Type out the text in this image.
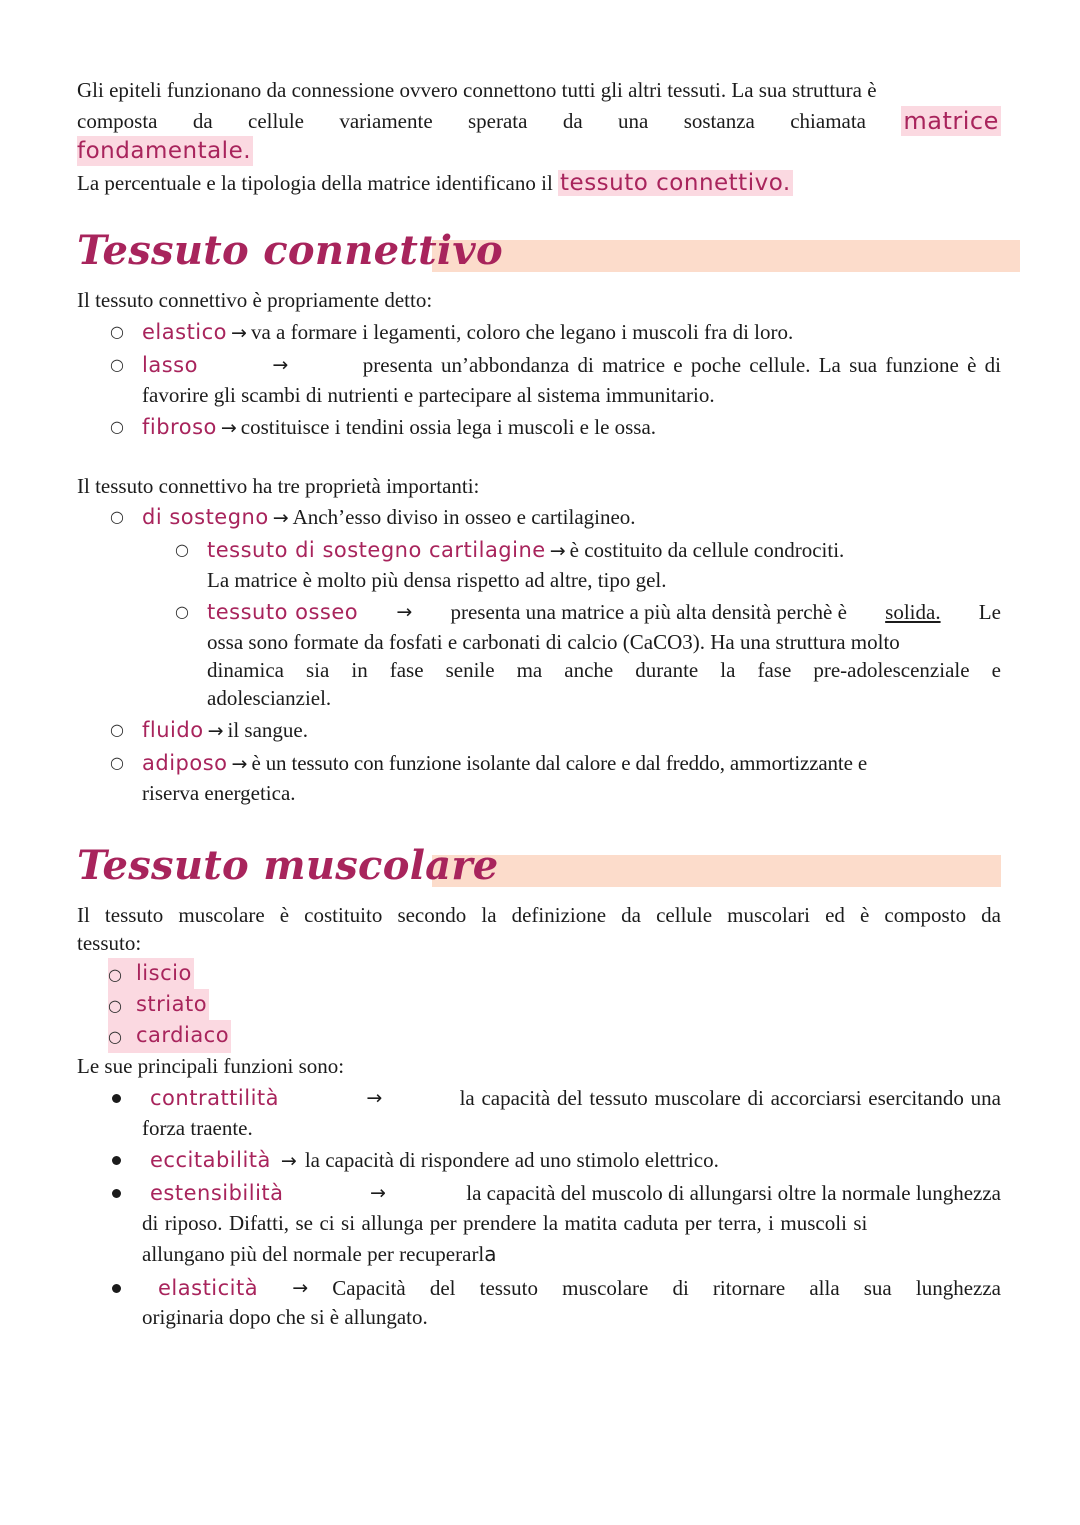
Gli epiteli funzionano da connessione ovvero connettono tutti gli altri tessuti. La sua struttura è
composta da cellule variamente sperata da una sostanza chiamata matrice
fondamentale.
La percentuale e la tipologia della matrice identificano il tessuto connettivo.
Tessuto connettivo
Il tessuto connettivo è propriamente detto:
○ elastico → va a formare i legamenti, coloro che legano i muscoli fra di loro.
○ lasso	→	presenta un’abbondanza di matrice e poche cellule. La sua funzione è di
favorire gli scambi di nutrienti e partecipare al sistema immunitario.
○ fibroso → costituisce i tendini ossia lega i muscoli e le ossa.
Il tessuto connettivo ha tre proprietà importanti:
○ di sostegno → Anch’esso diviso in osseo e cartilagineo.
○ tessuto di sostegno cartilagine → è costituito da cellule condrociti.
La matrice è molto più densa rispetto ad altre, tipo gel.
○ tessuto osseo → presenta una matrice a più alta densità perchè è solida. Le
ossa sono formate da fosfati e carbonati di calcio (CaCO3). Ha una struttura molto
dinamica sia in fase senile ma anche durante la fase pre-adolescenziale e
adolescianziel.
○ fluido → il sangue.
○ adiposo → è un tessuto con funzione isolante dal calore e dal freddo, ammortizzante e
riserva energetica.
Tessuto muscolare
Il tessuto muscolare è costituito secondo la definizione da cellule muscolari ed è composto da
tessuto:
○ liscio
○ striato
○ cardiaco
Le sue principali funzioni sono:
contrattilità	→	la capacità del tessuto muscolare di accorciarsi esercitando una
forza traente.
eccitabilità → la capacità di rispondere ad uno stimolo elettrico.
estensibilità	→	la capacità del muscolo di allungarsi oltre la normale lunghezza
di riposo. Difatti, se ci si allunga per prendere la matita caduta per terra, i muscoli si
allungano più del normale per recuperarla
elasticità → Capacità del tessuto muscolare di ritornare alla sua lunghezza
originaria dopo che si è allungato.
